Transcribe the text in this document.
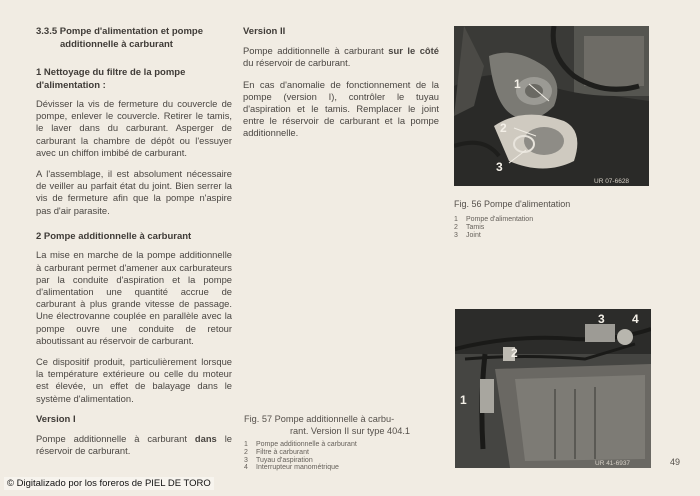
3.3.5 Pompe d'alimentation et pompe
additionnelle à carburant
1 Nettoyage du filtre de la pompe d'alimentation :

Dévisser la vis de fermeture du couvercle de pompe, enlever le couvercle. Retirer le tamis, le laver dans du carburant. Asperger de carburant la chambre de dépôt ou l'essuyer avec un chiffon imbibé de carburant.

A l'assemblage, il est absolument nécessaire de veiller au parfait état du joint. Bien serrer la vis de fermeture afin que la pompe n'aspire pas d'air parasite.

2 Pompe additionnelle à carburant

La mise en marche de la pompe additionnelle à carburant permet d'amener aux carburateurs par la conduite d'aspiration et la pompe d'alimentation une quantité accrue de carburant à plus grande vitesse de passage. Une électrovanne couplée en parallèle avec la pompe ouvre une conduite de retour aboutissant au réservoir de carburant.

Ce dispositif produit, particulièrement lorsque la température extérieure ou celle du moteur est élevée, un effet de balayage dans le système d'alimentation.

Version I

Pompe additionnelle à carburant dans le réservoir de carburant.

Version II

Pompe additionnelle à carburant sur le côté du réservoir de carburant.

En cas d'anomalie de fonctionnement de la pompe (version I), contrôler le tuyau d'aspiration et le tamis. Remplacer le joint entre le réservoir de carburant et la pompe additionnelle.

1
2
3
UR 07-6628
Fig. 56 Pompe d'alimentation
1 Pompe d'alimentation
2 Tamis
3 Joint
1
2
3 4
UR 41-6937
Fig. 57 Pompe additionnelle à carbu-
rant. Version II sur type 404.1
1 Pompe additionnelle à carburant
2 Filtre à carburant
3 Tuyau d'aspiration
4 Interrupteur manométrique
49
© Digitalizado por los foreros de PIEL DE TORO
